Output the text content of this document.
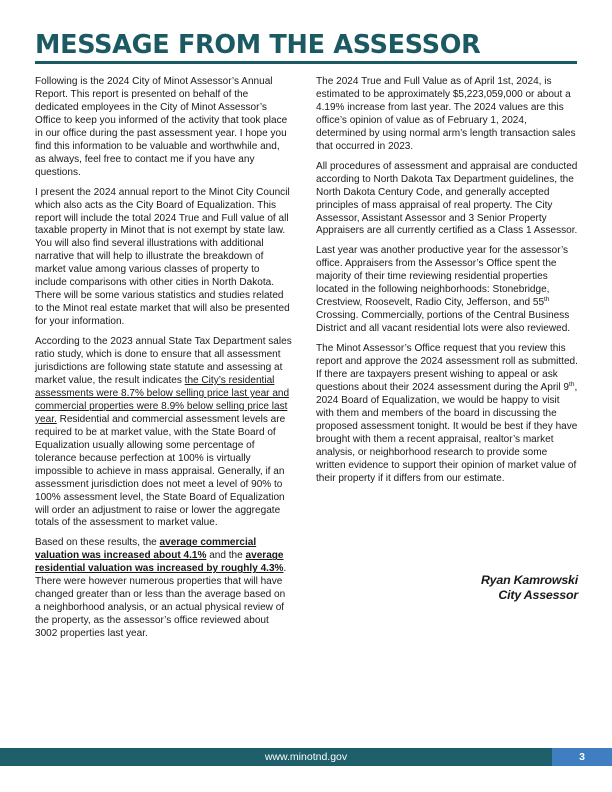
MESSAGE FROM THE ASSESSOR

Following is the 2024 City of Minot Assessor’s Annual Report. This report is presented on behalf of the dedicated employees in the City of Minot Assessor’s Office to keep you informed of the activity that took place in our office during the past assessment year. I hope you find this information to be valuable and worthwhile and, as always, feel free to contact me if you have any questions.

I present the 2024 annual report to the Minot City Council which also acts as the City Board of Equalization. This report will include the total 2024 True and Full value of all taxable property in Minot that is not exempt by state law. You will also find several illustrations with additional narrative that will help to illustrate the breakdown of market value among various classes of property to include comparisons with other cities in North Dakota. There will be some various statistics and studies related to the Minot real estate market that will also be presented for your information.

According to the 2023 annual State Tax Department sales ratio study, which is done to ensure that all assessment jurisdictions are following state statute and assessing at market value, the result indicates the City’s residential assessments were 8.7% below selling price last year and commercial properties were 8.9% below selling price last year. Residential and commercial assessment levels are required to be at market value, with the State Board of Equalization usually allowing some percentage of tolerance because perfection at 100% is virtually impossible to achieve in mass appraisal. Generally, if an assessment jurisdiction does not meet a level of 90% to 100% assessment level, the State Board of Equalization will order an adjustment to raise or lower the aggregate totals of the assessment to market value.

Based on these results, the average commercial valuation was increased about 4.1% and the average residential valuation was increased by roughly 4.3%. There were however numerous properties that will have changed greater than or less than the average based on a neighborhood analysis, or an actual physical review of the property, as the assessor’s office reviewed about 3002 properties last year.

The 2024 True and Full Value as of April 1st, 2024, is estimated to be approximately $5,223,059,000 or about a 4.19% increase from last year. The 2024 values are this office’s opinion of value as of February 1, 2024, determined by using normal arm’s length transaction sales that occurred in 2023.

All procedures of assessment and appraisal are conducted according to North Dakota Tax Department guidelines, the North Dakota Century Code, and generally accepted principles of mass appraisal of real property. The City Assessor, Assistant Assessor and 3 Senior Property Appraisers are all currently certified as a Class 1 Assessor.

Last year was another productive year for the assessor’s office. Appraisers from the Assessor’s Office spent the majority of their time reviewing residential properties located in the following neighborhoods: Stonebridge, Crestview, Roosevelt, Radio City, Jefferson, and 55th Crossing. Commercially, portions of the Central Business District and all vacant residential lots were also reviewed.

The Minot Assessor’s Office request that you review this report and approve the 2024 assessment roll as submitted. If there are taxpayers present wishing to appeal or ask questions about their 2024 assessment during the April 9th, 2024 Board of Equalization, we would be happy to visit with them and members of the board in discussing the proposed assessment tonight. It would be best if they have brought with them a recent appraisal, realtor’s market analysis, or neighborhood research to provide some written evidence to support their opinion of market value of their property if it differs from our estimate.

Ryan Kamrowski
City Assessor
www.minotnd.gov	3
